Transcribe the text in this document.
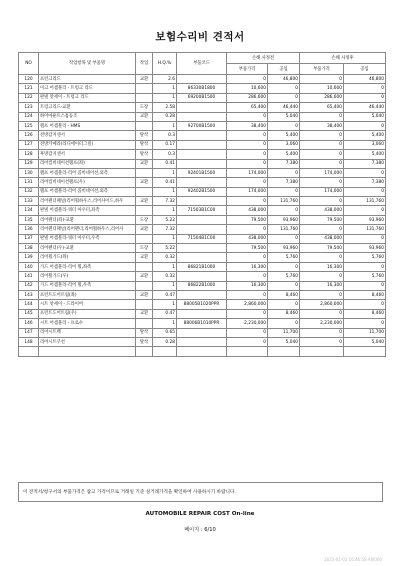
보험수리비 견적서
NO	작업항목 및 부품명	작업	H.Q.%	부품코드	손해 사정전		손해 사정후	
					부품가격	공임	부품가격	공임
120	프런크리드	교환	2.6		0	46,800	0	46,800
121	이크 어셈블리 - 트렁크 리드		1	86330B1800	10,600	0	10,600	0
122	판넬 앗세이 - 트렁크 리드		1	69200B1500	286,600	0	286,600	0
123	트렁크리드-교환	도장	2.58		65,400	46,440	65,400	46,440
124	하이마운트스톱등조	교환	0.28		0	5,040	0	5,040
125	램프 어셈블리 - HMS		1	92700B1500	38,400	0	38,400	0
126	전방감지센서	탈착	0.3		0	5,400	0	5,400
127	전방카메라(라디에이터그릴)	탈착	0.17		0	3,060	0	3,060
128	후방감지센서	탈착	0.3		0	5,400	0	5,400
129	리어컴비네이션램프(좌)	교환	0.41		0	7,380	0	7,380
130	램프 어셈블리-리어 콤비네이션,외측		1	92401B1500	174,000	0	174,000	0
131	리어컴비네이션램프(우)	교환	0.41		0	7,380	0	7,380
132	램프 어셈블리-리어 콤비네이션,외측		1	92402B1500	174,000	0	174,000	0
133	리어펜더패널(리어휠하우스,리어사이드,하우	교환	7.32		0	131,760	0	131,760
134	판넬 어셈블리-쿼터 아우터,좌측		1	71503B1C00	438,000	0	438,000	0
135	리어펜더(좌)-교환	도장	5.22		79,500	93,960	79,500	93,960
136	리어펜더패널(리어펜더,리어휠하우스,리어사	교환	7.32		0	131,760	0	131,760
137	판넬 어셈블리-쿼터 아우터,우측		1	71504B1C00	438,000	0	438,000	0
138	리어펜더(우)-교환	도장	5.22		79,500	93,960	79,500	93,960
139	리어휠가드(좌)	교환	0.32		0	5,760	0	5,760
140	가드 어셈블리-리어 휠,좌측		1	86821B1000	16,300	0	16,300	0
141	리어휠가드(우)	교환	0.32		0	5,760	0	5,760
142	가드 어셈블리-리어 휠,우측		1	86822B1000	16,300	0	16,300	0
143	프런트도어트림(좌)	교환	0.47		0	8,460	0	8,460
144	시트 앗세이 - 드라이버		1	88005B1020PPR	2,860,000	0	2,860,000	0
145	프런트도어트림(우)	교환	0.47		0	8,460	0	8,460
146	시트 어셈블리 - 프로수		1	88006B1010PPR	2,230,000	0	2,230,000	0
147	리어시트백	탈착	0.65		0	11,700	0	11,700
148	리어시트쿠션	탈착	0.28		0	5,040	0	5,040

이 견적서/청구서의 부품가격은 참고 가격이므로 거래일 기준 실거래가격을 확인하여 사용하시기 바랍니다.
AUTOMOBILE REPAIR COST On-line
페이지 : 6/10
2023-01-02 16:40:58 AI0000
